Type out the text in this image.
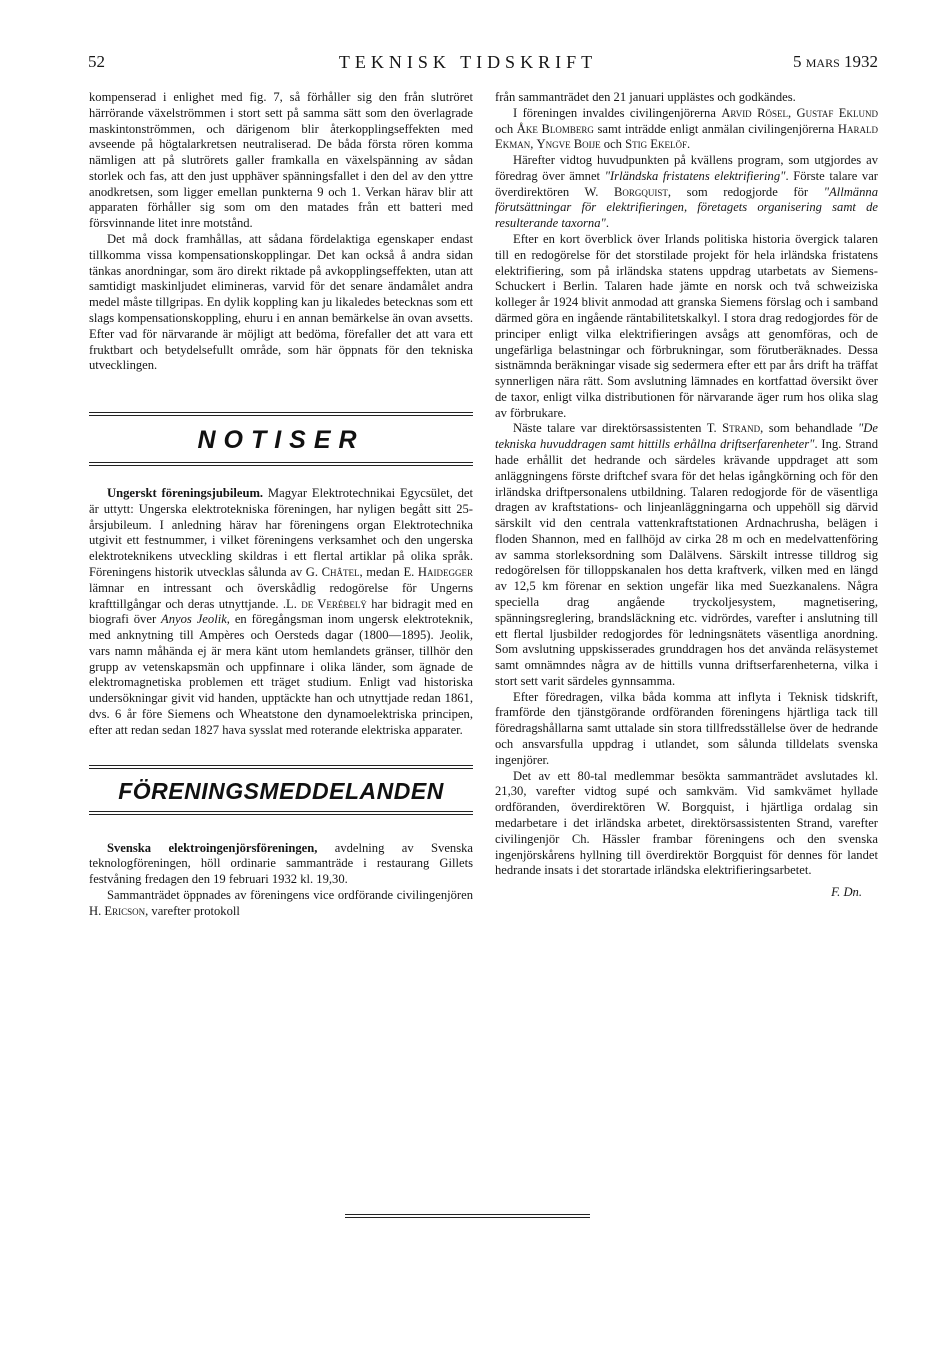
52	TEKNISK TIDSKRIFT	5 mars 1932

kompenserad i enlighet med fig. 7, så förhåller sig den från slutröret härrörande växelströmmen i stort sett på samma sätt som den överlagrade maskintonströmmen, och därigenom blir återkopplingseffekten med avseende på högtalarkretsen neutraliserad. De båda första rören komma nämligen att på slutrörets galler framkalla en växelspänning av sådan storlek och fas, att den just upphäver spänningsfallet i den del av den yttre anodkretsen, som ligger emellan punkterna 9 och 1. Verkan härav blir att apparaten förhåller sig som om den matades från ett batteri med försvinnande litet inre motstånd.

Det må dock framhållas, att sådana fördelaktiga egenskaper endast tillkomma vissa kompensationskopplingar. Det kan också å andra sidan tänkas anordningar, som äro direkt riktade på avkopplingseffekten, utan att samtidigt maskinljudet elimineras, varvid för det senare ändamålet andra medel måste tillgripas. En dylik koppling kan ju likaledes betecknas som ett slags kompensationskoppling, ehuru i en annan bemärkelse än ovan avsetts. Efter vad för närvarande är möjligt att bedöma, förefaller det att vara ett fruktbart och betydelsefullt område, som här öppnats för den tekniska utvecklingen.

NOTISER

Ungerskt föreningsjubileum. Magyar Elektrotechnikai Egycsület, det är uttytt: Ungerska elektrotekniska föreningen, har nyligen begått sitt 25-årsjubileum. I anledning härav har föreningens organ Elektrotechnika utgivit ett festnummer, i vilket föreningens verksamhet och den ungerska elektroteknikens utveckling skildras i ett flertal artiklar på olika språk. Föreningens historik utvecklas sålunda av G. Châtel, medan E. Haidegger lämnar en intressant och överskådlig redogörelse för Ungerns krafttillgångar och deras utnyttjande. .L. de Verébelÿ har bidragit med en biografi över Anyos Jeolik, en föregångsman inom ungersk elektroteknik, med anknytning till Ampères och Oersteds dagar (1800—1895). Jeolik, vars namn måhända ej är mera känt utom hemlandets gränser, tillhör den grupp av vetenskapsmän och uppfinnare i olika länder, som ägnade de elektromagnetiska problemen ett träget studium. Enligt vad historiska undersökningar givit vid handen, upptäckte han och utnyttjade redan 1861, dvs. 6 år före Siemens och Wheatstone den dynamoelektriska principen, efter att redan sedan 1827 hava sysslat med roterande elektriska apparater.

FÖRENINGSMEDDELANDEN

Svenska elektroingenjörsföreningen, avdelning av Svenska teknologföreningen, höll ordinarie sammanträde i restaurang Gillets festvåning fredagen den 19 februari 1932 kl. 19,30.

Sammanträdet öppnades av föreningens vice ordförande civilingenjören H. Ericson, varefter protokoll

från sammanträdet den 21 januari upplästes och godkändes.

I föreningen invaldes civilingenjörerna Arvid Rösel, Gustaf Eklund och Åke Blomberg samt inträdde enligt anmälan civilingenjörerna Harald Ekman, Yngve Boije och Stig Ekelöf.

Härefter vidtog huvudpunkten på kvällens program, som utgjordes av föredrag över ämnet "Irländska fristatens elektrifiering". Förste talare var överdirektören W. Borgquist, som redogjorde för "Allmänna förutsättningar för elektrifieringen, företagets organisering samt de resulterande taxorna".

Efter en kort överblick över Irlands politiska historia övergick talaren till en redogörelse för det storstilade projekt för hela irländska fristatens elektrifiering, som på irländska statens uppdrag utarbetats av Siemens-Schuckert i Berlin. Talaren hade jämte en norsk och två schweiziska kolleger år 1924 blivit anmodad att granska Siemens förslag och i samband därmed göra en ingående räntabilitetskalkyl. I stora drag redogjordes för de principer enligt vilka elektrifieringen avsågs att genomföras, och de ungefärliga belastningar och förbrukningar, som förutberäknades. Dessa sistnämnda beräkningar visade sig sedermera efter ett par års drift ha träffat synnerligen nära rätt. Som avslutning lämnades en kortfattad översikt över de taxor, enligt vilka distributionen för närvarande äger rum hos olika slag av förbrukare.

Näste talare var direktörsassistenten T. Strand, som behandlade "De tekniska huvuddragen samt hittills erhållna driftserfarenheter". Ing. Strand hade erhållit det hedrande och särdeles krävande uppdraget att som anläggningens förste driftchef svara för det helas igångkörning och för den irländska driftpersonalens utbildning. Talaren redogjorde för de väsentliga dragen av kraftstations- och linjeanläggningarna och uppehöll sig därvid särskilt vid den centrala vattenkraftstationen Ardnachrusha, belägen i floden Shannon, med en fallhöjd av cirka 28 m och en medelvattenföring av samma storleksordning som Dalälvens. Särskilt intresse tilldrog sig redogörelsen för tilloppskanalen hos detta kraftverk, vilken med en längd av 12,5 km förenar en sektion ungefär lika med Suezkanalens. Några speciella drag angående tryckoljesystem, magnetisering, spänningsreglering, brandsläckning etc. vidrördes, varefter i anslutning till ett flertal ljusbilder redogjordes för ledningsnätets väsentliga anordning. Som avslutning uppskisserades grunddragen hos det använda reläsystemet samt omnämndes några av de hittills vunna driftserfarenheterna, vilka i stort sett varit särdeles gynnsamma.

Efter föredragen, vilka båda komma att inflyta i Teknisk tidskrift, framförde den tjänstgörande ordföranden föreningens hjärtliga tack till föredragshållarna samt uttalade sin stora tillfredsställelse över de hedrande och ansvarsfulla uppdrag i utlandet, som sålunda tilldelats svenska ingenjörer.

Det av ett 80-tal medlemmar besökta sammanträdet avslutades kl. 21,30, varefter vidtog supé och samkväm. Vid samkvämet hyllade ordföranden, överdirektören W. Borgquist, i hjärtliga ordalag sin medarbetare i det irländska arbetet, direktörsassistenten Strand, varefter civilingenjör Ch. Hässler frambar föreningens och den svenska ingenjörskårens hyllning till överdirektör Borgquist för dennes för landet hedrande insats i det storartade irländska elektrifieringsarbetet.

F. Dn.
